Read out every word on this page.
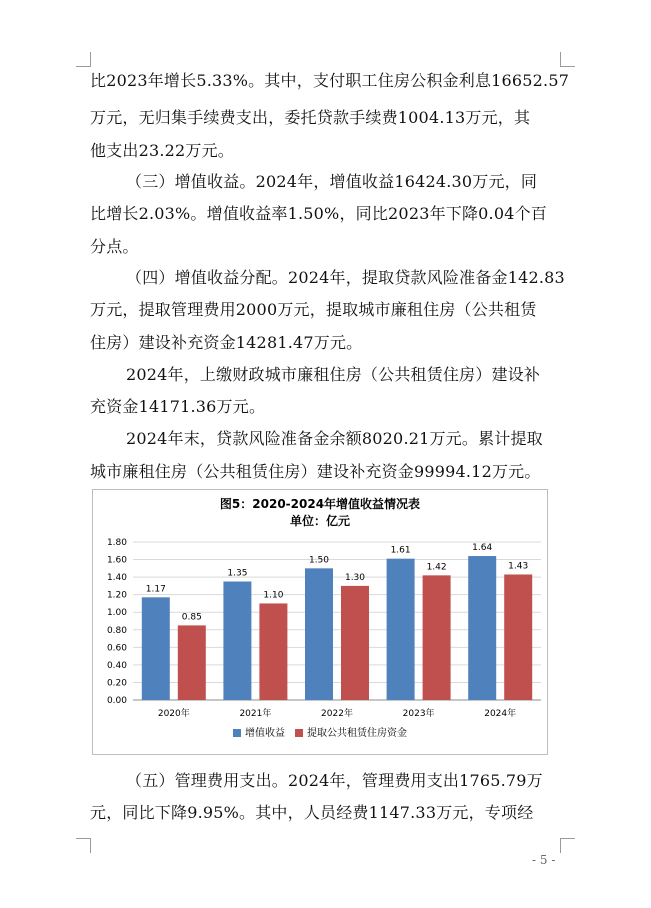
比2023年增长5.33%。其中，支付职工住房公积金利息16652.57
万元，无归集手续费支出，委托贷款手续费1004.13万元，其
他支出23.22万元。
（三）增值收益。2024年，增值收益16424.30万元，同
比增长2.03%。增值收益率1.50%，同比2023年下降0.04个百
分点。
（四）增值收益分配。2024年，提取贷款风险准备金142.83
万元，提取管理费用2000万元，提取城市廉租住房（公共租赁
住房）建设补充资金14281.47万元。
2024年，上缴财政城市廉租住房（公共租赁住房）建设补
充资金14171.36万元。
2024年末，贷款风险准备金余额8020.21万元。累计提取
城市廉租住房（公共租赁住房）建设补充资金99994.12万元。
图5：2020-2024年增值收益情况表
单位：亿元
0.00
0.20
0.40
0.60
0.80
1.00
1.20
1.40
1.60
1.80
1.17
0.85
2020年
1.35
1.10
2021年
1.50
1.30
2022年
1.61
1.42
2023年
1.64
1.43
2024年
增值收益 提取公共租赁住房资金
（五）管理费用支出。2024年，管理费用支出1765.79万
元，同比下降9.95%。其中，人员经费1147.33万元，专项经
- 5 -
